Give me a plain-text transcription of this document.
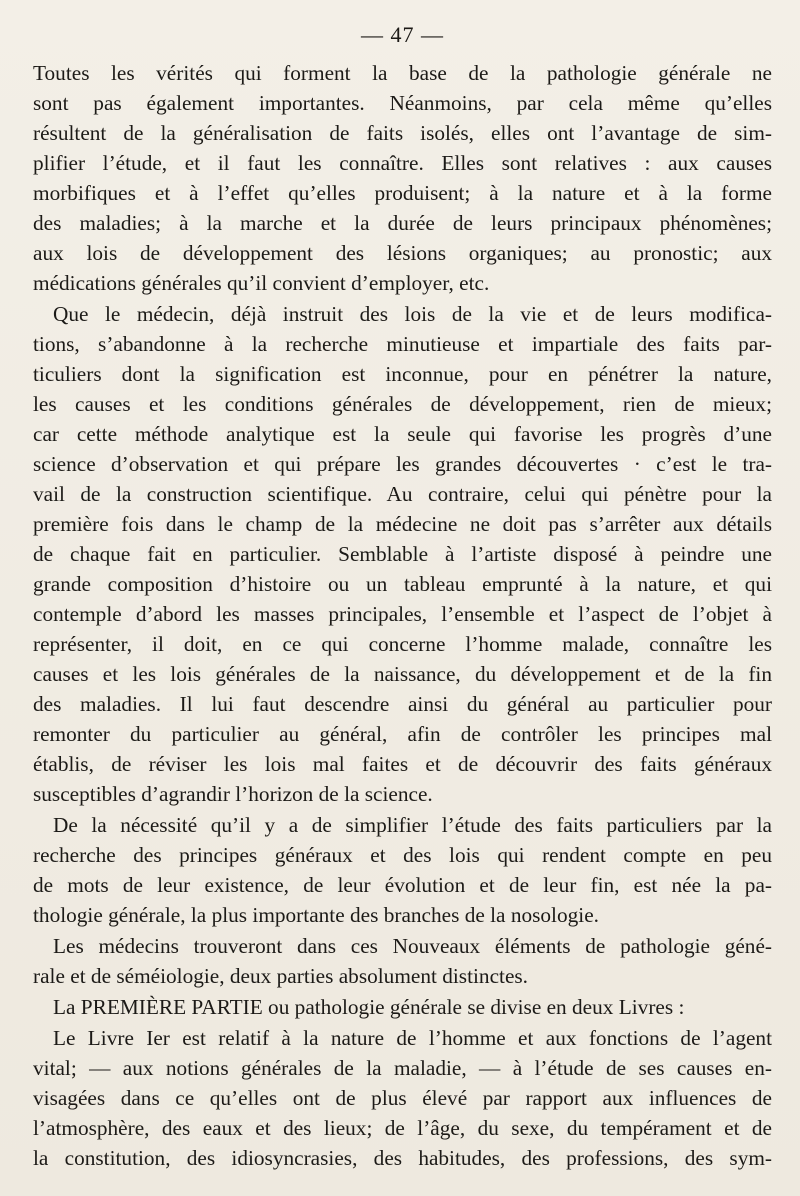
— 47 —
Toutes les vérités qui forment la base de la pathologie générale ne
sont pas également importantes. Néanmoins, par cela même qu’elles
résultent de la généralisation de faits isolés, elles ont l’avantage de sim-
plifier l’étude, et il faut les connaître. Elles sont relatives : aux causes
morbifiques et à l’effet qu’elles produisent; à la nature et à la forme
des maladies; à la marche et la durée de leurs principaux phénomènes;
aux lois de développement des lésions organiques; au pronostic; aux
médications générales qu’il convient d’employer, etc.
Que le médecin, déjà instruit des lois de la vie et de leurs modifica-
tions, s’abandonne à la recherche minutieuse et impartiale des faits par-
ticuliers dont la signification est inconnue, pour en pénétrer la nature,
les causes et les conditions générales de développement, rien de mieux;
car cette méthode analytique est la seule qui favorise les progrès d’une
science d’observation et qui prépare les grandes découvertes · c’est le tra-
vail de la construction scientifique. Au contraire, celui qui pénètre pour la
première fois dans le champ de la médecine ne doit pas s’arrêter aux détails
de chaque fait en particulier. Semblable à l’artiste disposé à peindre une
grande composition d’histoire ou un tableau emprunté à la nature, et qui
contemple d’abord les masses principales, l’ensemble et l’aspect de l’objet à
représenter, il doit, en ce qui concerne l’homme malade, connaître les
causes et les lois générales de la naissance, du développement et de la fin
des maladies. Il lui faut descendre ainsi du général au particulier pour
remonter du particulier au général, afin de contrôler les principes mal
établis, de réviser les lois mal faites et de découvrir des faits généraux
susceptibles d’agrandir l’horizon de la science.
De la nécessité qu’il y a de simplifier l’étude des faits particuliers par la
recherche des principes généraux et des lois qui rendent compte en peu
de mots de leur existence, de leur évolution et de leur fin, est née la pa-
thologie générale, la plus importante des branches de la nosologie.
Les médecins trouveront dans ces Nouveaux éléments de pathologie géné-
rale et de séméiologie, deux parties absolument distinctes.
La PREMIÈRE PARTIE ou pathologie générale se divise en deux Livres :
Le Livre Ier est relatif à la nature de l’homme et aux fonctions de l’agent
vital; — aux notions générales de la maladie, — à l’étude de ses causes en-
visagées dans ce qu’elles ont de plus élevé par rapport aux influences de
l’atmosphère, des eaux et des lieux; de l’âge, du sexe, du tempérament et de
la constitution, des idiosyncrasies, des habitudes, des professions, des sym-
